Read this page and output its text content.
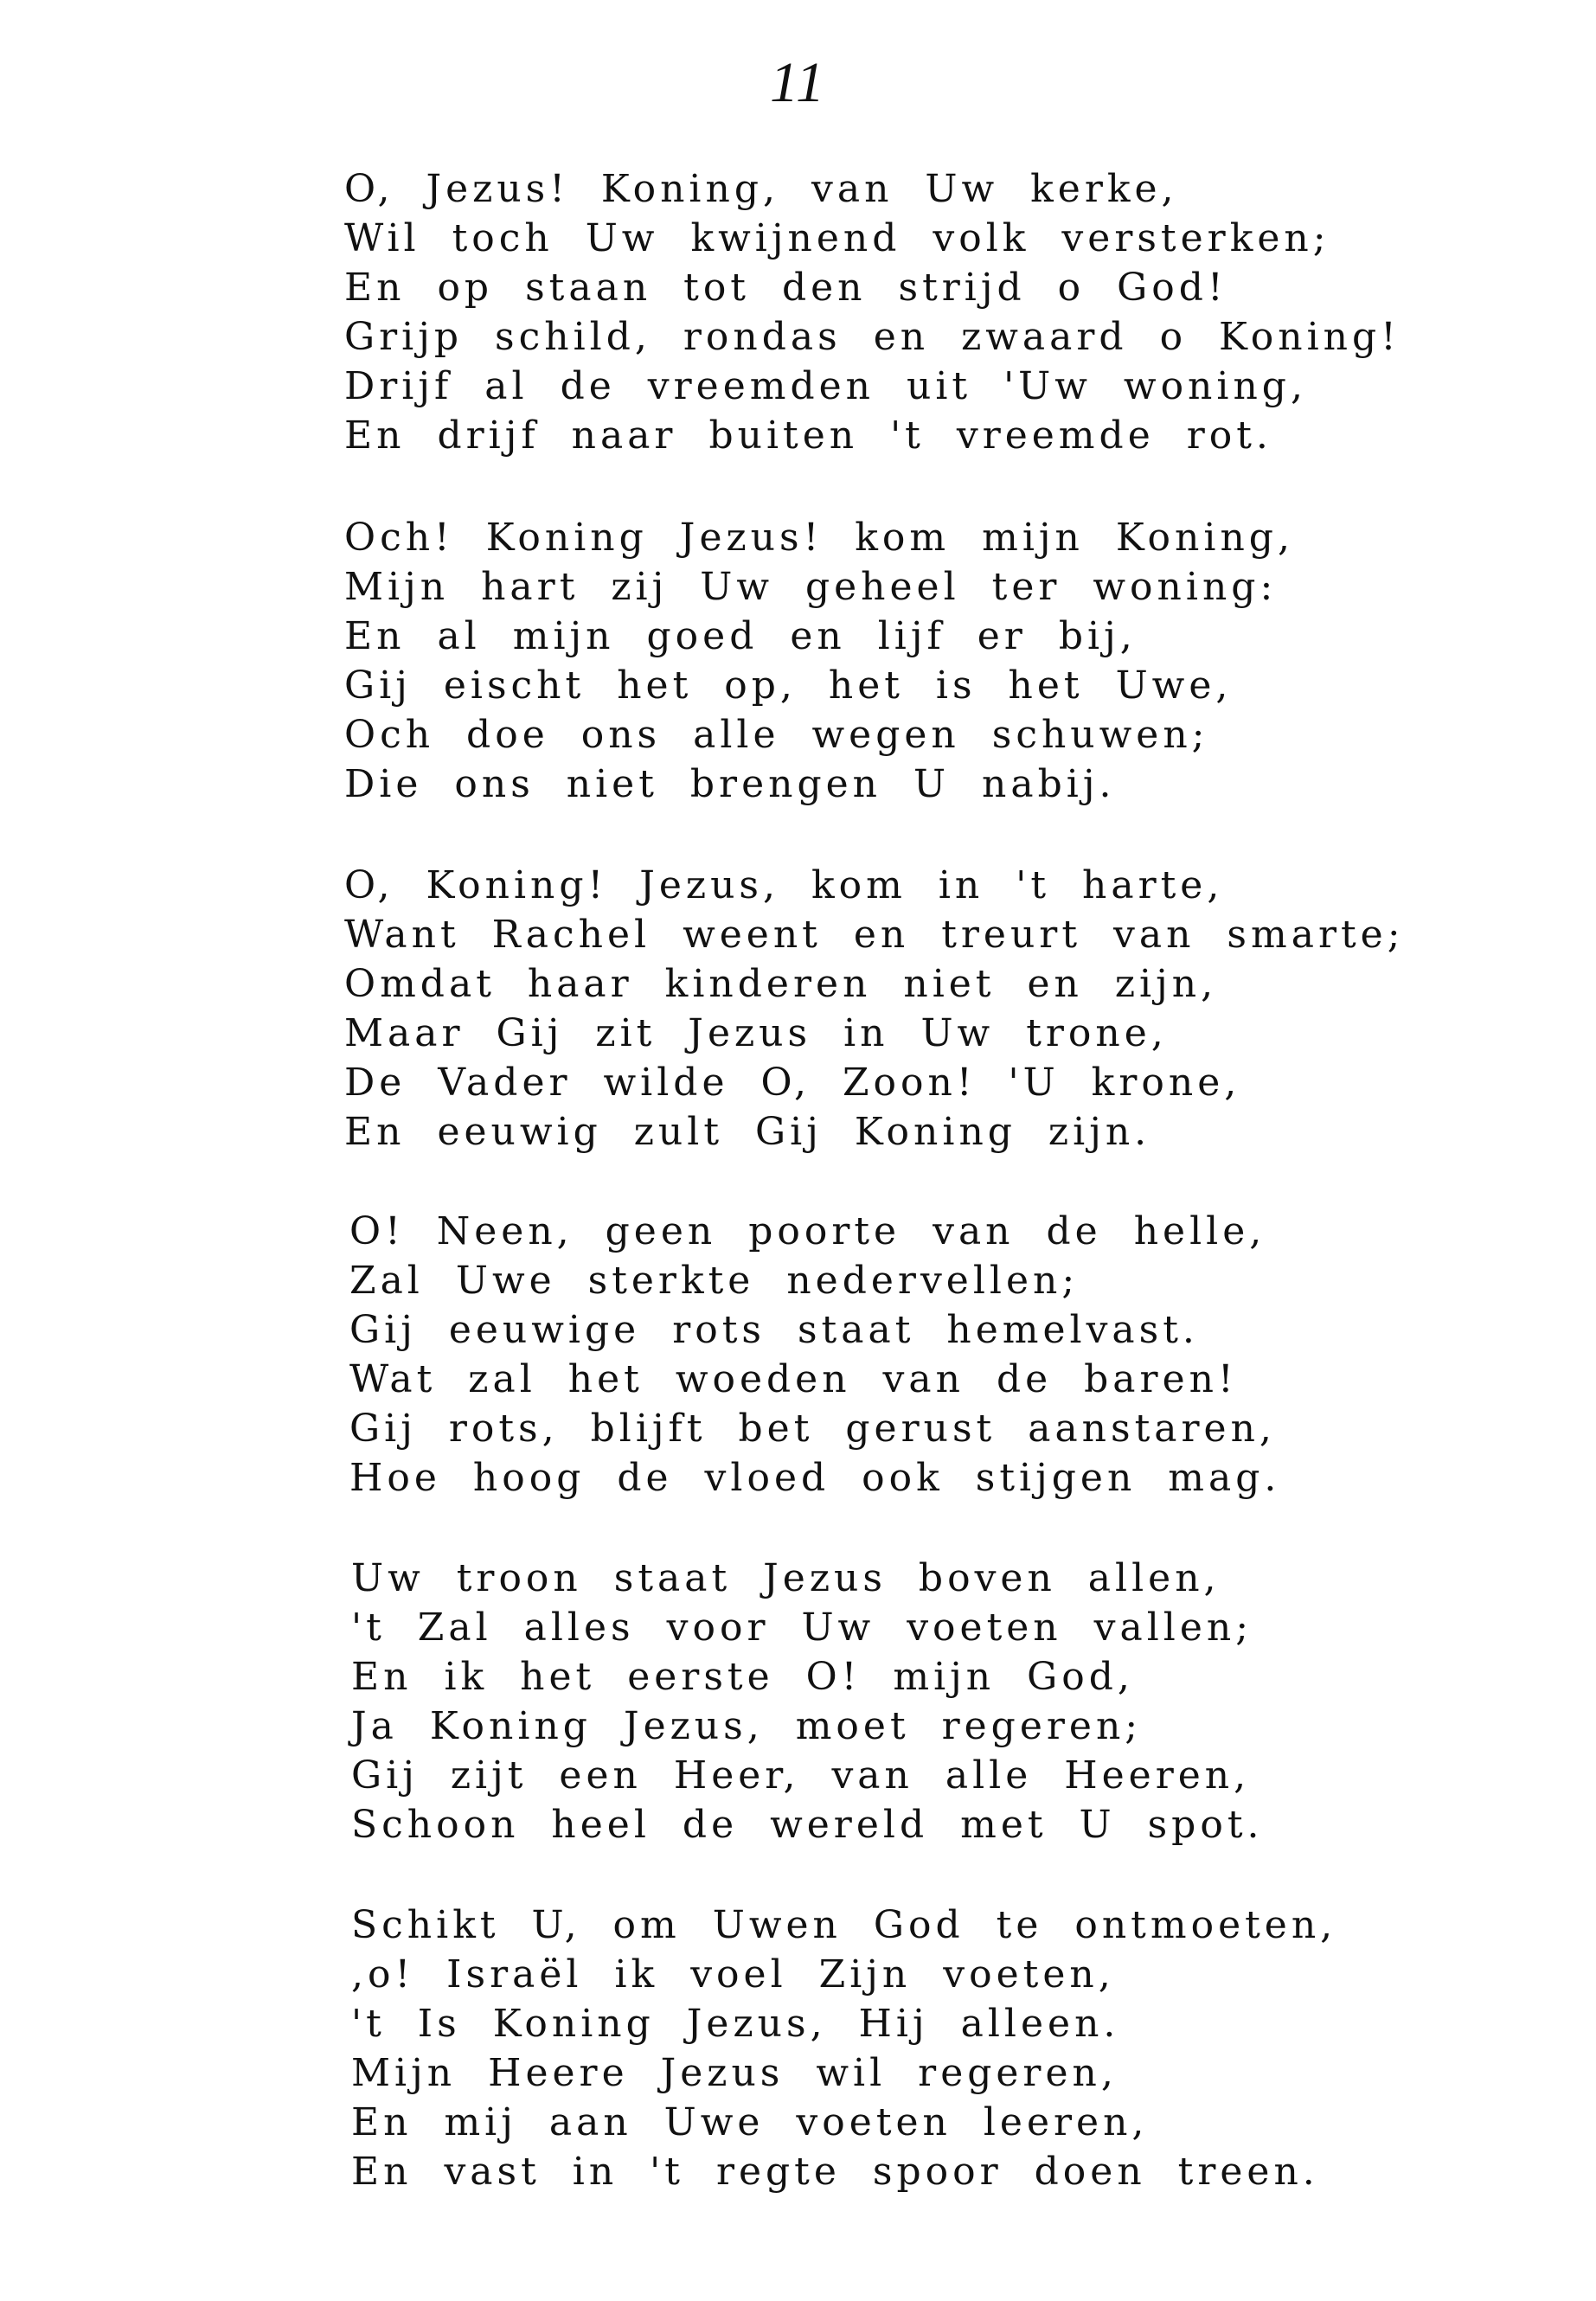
11
O, Jezus! Koning, van Uw kerke,
Wil toch Uw kwijnend volk versterken;
En op staan tot den strijd o God!
Grijp schild, rondas en zwaard o Koning!
Drijf al de vreemden uit 'Uw woning,
En drijf naar buiten 't vreemde rot.
Och! Koning Jezus! kom mijn Koning,
Mijn hart zij Uw geheel ter woning:
En al mijn goed en lijf er bij,
Gij eischt het op, het is het Uwe,
Och doe ons alle wegen schuwen;
Die ons niet brengen U nabij.
O, Koning! Jezus, kom in 't harte,
Want Rachel weent en treurt van smarte;
Omdat haar kinderen niet en zijn,
Maar Gij zit Jezus in Uw trone,
De Vader wilde O, Zoon! 'U krone,
En eeuwig zult Gij Koning zijn.
O! Neen, geen poorte van de helle,
Zal Uwe sterkte nedervellen;
Gij eeuwige rots staat hemelvast.
Wat zal het woeden van de baren!
Gij rots, blijft bet gerust aanstaren,
Hoe hoog de vloed ook stijgen mag.
Uw troon staat Jezus boven allen,
't Zal alles voor Uw voeten vallen;
En ik het eerste O! mijn God,
Ja Koning Jezus, moet regeren;
Gij zijt een Heer, van alle Heeren,
Schoon heel de wereld met U spot.
Schikt U, om Uwen God te ontmoeten,
,o! Israël ik voel Zijn voeten,
't Is Koning Jezus, Hij alleen.
Mijn Heere Jezus wil regeren,
En mij aan Uwe voeten leeren,
En vast in 't regte spoor doen treen.
